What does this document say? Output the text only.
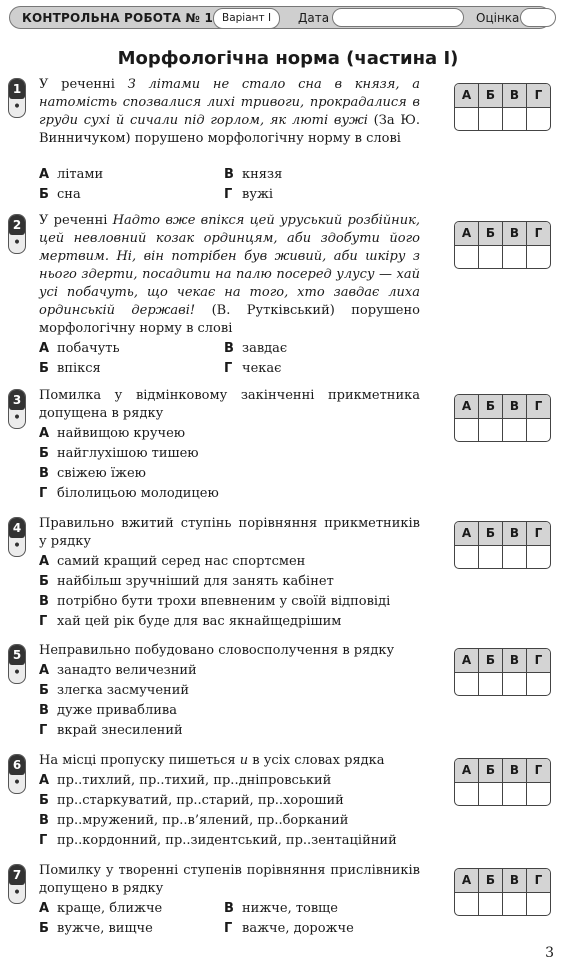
КОНТРОЛЬНА РОБОТА № 1 Варіант І	Дата	Оцінка
Морфологічна норма (частина І)
1
•
У реченні З літами не стало сна в князя, а натомість спозвалися лихі тривоги, прокрадалися в груди сухі й сичали під горлом, як люті вужі (За Ю. Винничуком) порушено морфологічну норму в слові
А літами
Б сна
В князя
Г вужі
2
•
У реченні Надто вже впікся цей уруський розбійник, цей невловний козак ординцям, аби здобути його мертвим. Ні, він потрібен був живий, аби шкіру з нього здерти, посадити на палю посеред улусу — хай усі побачуть, що чекає на того, хто завдає лиха ординській державі! (В. Рутківський) порушено морфологічну норму в слові
А побачуть
Б впікся
В завдає
Г чекає
3
•
Помилка у відмінковому закінченні прикметника допущена в рядку
А найвищою кручею
Б найглухішою тишею
В свіжею їжею
Г білолицьою молодицею
4
•
Правильно вжитий ступінь порівняння прикметників у рядку
А самий кращий серед нас спортсмен
Б найбільш зручніший для занять кабінет
В потрібно бути трохи впевненим у своїй відповіді
Г хай цей рік буде для вас якнайщедрішим
5
•
Неправильно побудовано словосполучення в рядку
А занадто величезний
Б злегка засмучений
В дуже приваблива
Г вкрай знесилений
6
•
На місці пропуску пишеться и в усіх словах рядка
А пр..тихлий, пр..тихий, пр..дніпровський
Б пр..старкуватий, пр..старий, пр..хороший
В пр..мружений, пр..в’ялений, пр..борканий
Г пр..кордонний, пр..зидентський, пр..зентаційний
7
•
Помилку у творенні ступенів порівняння прислівників допущено в рядку
А краще, ближче
Б вужче, вищче
В нижче, товще
Г важче, дорожче
3
А	Б	В	Г
А	Б	В	Г
А	Б	В	Г
А	Б	В	Г
А	Б	В	Г
А	Б	В	Г
А	Б	В	Г
